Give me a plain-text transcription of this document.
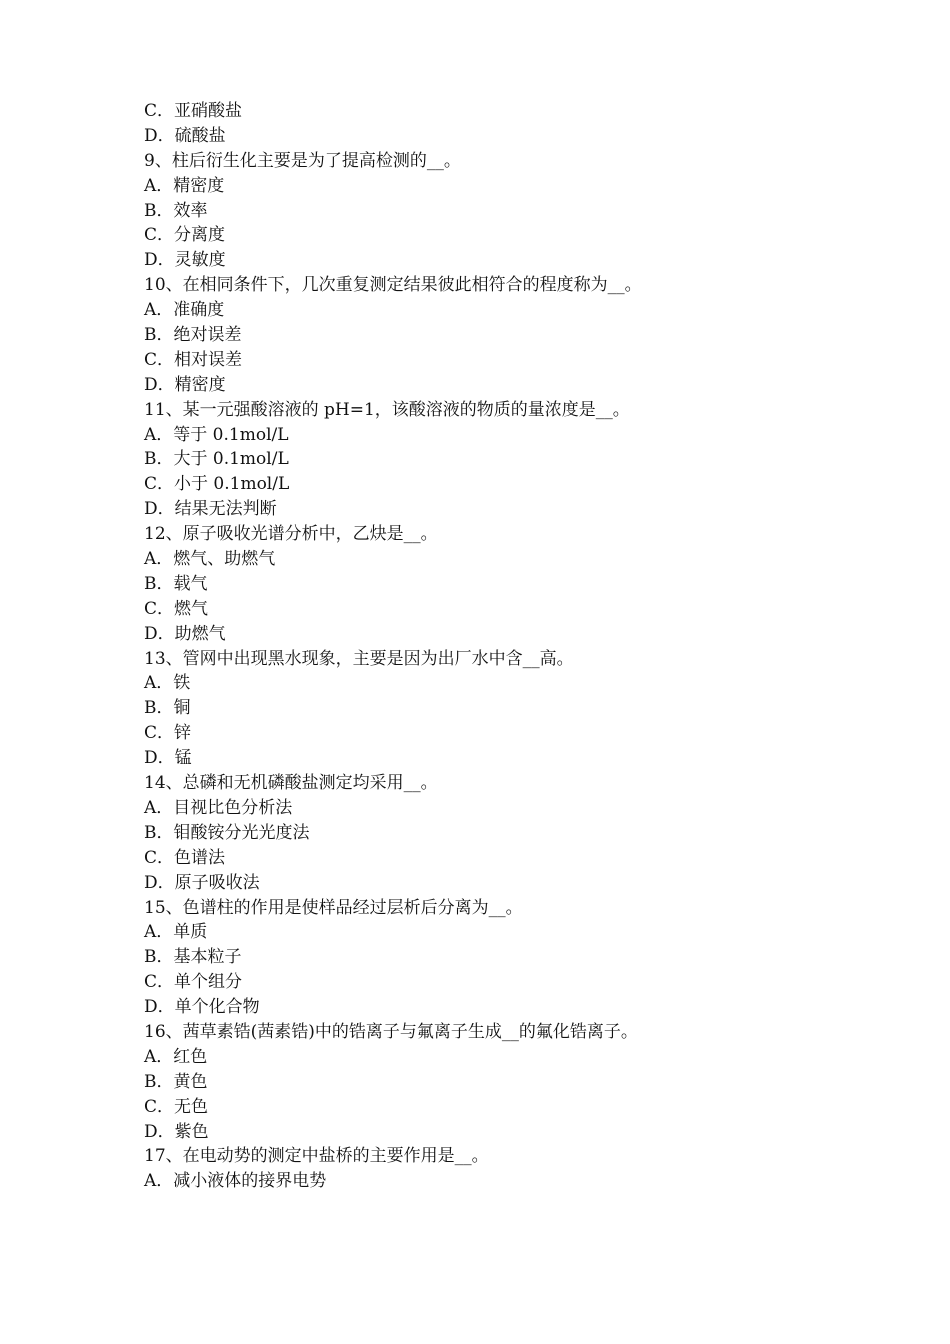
C．亚硝酸盐
D．硫酸盐
9、柱后衍生化主要是为了提高检测的__。
A．精密度
B．效率
C．分离度
D．灵敏度
10、在相同条件下，几次重复测定结果彼此相符合的程度称为__。
A．准确度
B．绝对误差
C．相对误差
D．精密度
11、某一元强酸溶液的 pH=1，该酸溶液的物质的量浓度是__。
A．等于 0.1mol/L
B．大于 0.1mol/L
C．小于 0.1mol/L
D．结果无法判断
12、原子吸收光谱分析中，乙炔是__。
A．燃气、助燃气
B．载气
C．燃气
D．助燃气
13、管网中出现黑水现象，主要是因为出厂水中含__高。
A．铁
B．铜
C．锌
D．锰
14、总磷和无机磷酸盐测定均采用__。
A．目视比色分析法
B．钼酸铵分光光度法
C．色谱法
D．原子吸收法
15、色谱柱的作用是使样品经过层析后分离为__。
A．单质
B．基本粒子
C．单个组分
D．单个化合物
16、茜草素锆(茜素锆)中的锆离子与氟离子生成__的氟化锆离子。
A．红色
B．黄色
C．无色
D．紫色
17、在电动势的测定中盐桥的主要作用是__。
A．减小液体的接界电势
